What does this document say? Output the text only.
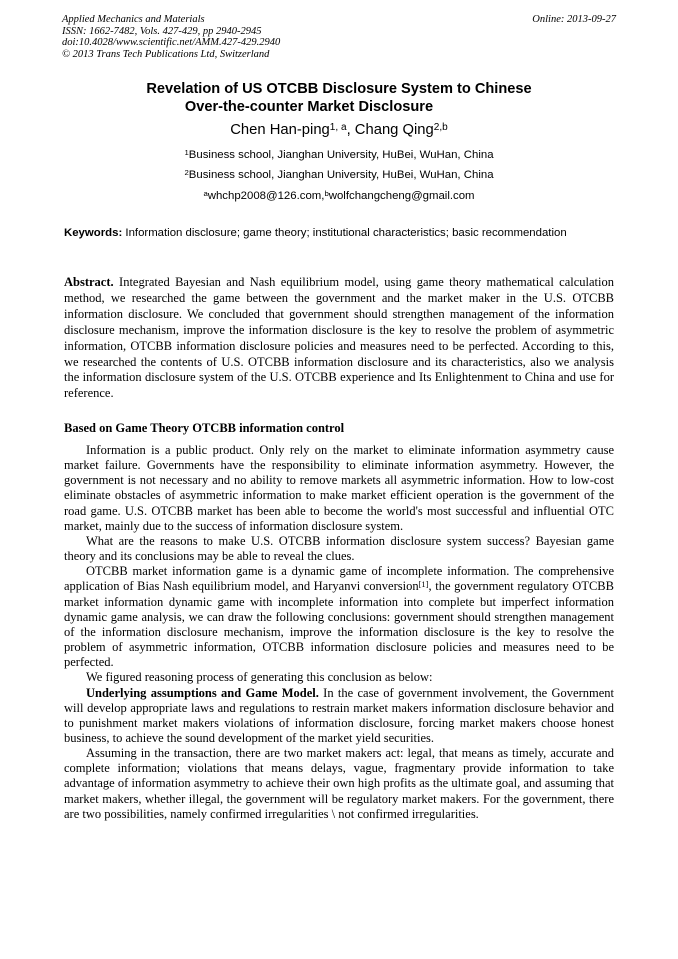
Applied Mechanics and Materials
ISSN: 1662-7482, Vols. 427-429, pp 2940-2945
doi:10.4028/www.scientific.net/AMM.427-429.2940
© 2013 Trans Tech Publications Ltd, Switzerland
Online: 2013-09-27
Revelation of US OTCBB Disclosure System to Chinese
Over-the-counter Market Disclosure
Chen Han-ping$^{1, a}$, Chang Qing$^{2,b}$
$^1$Business school, Jianghan University, HuBei, WuHan, China
$^2$Business school, Jianghan University, HuBei, WuHan, China
$^a$whchp2008@126.com,$^b$wolfchangcheng@gmail.com
Keywords: Information disclosure; game theory; institutional characteristics; basic recommendation
Abstract. Integrated Bayesian and Nash equilibrium model, using game theory mathematical calculation method, we researched the game between the government and the market maker in the U.S. OTCBB information disclosure. We concluded that government should strengthen management of the information disclosure mechanism, improve the information disclosure is the key to resolve the problem of asymmetric information, OTCBB information disclosure policies and measures need to be perfected. According to this, we researched the contents of U.S. OTCBB information disclosure and its characteristics, also we analysis the information disclosure system of the U.S. OTCBB experience and Its Enlightenment to China and use for reference.
Based on Game Theory OTCBB information control

Information is a public product. Only rely on the market to eliminate information asymmetry cause market failure. Governments have the responsibility to eliminate information asymmetry. However, the government is not necessary and no ability to remove markets all asymmetric information. How to low-cost eliminate obstacles of asymmetric information to make market efficient operation is the government of the road game. U.S. OTCBB market has been able to become the world's most successful and influential OTC market, mainly due to the success of information disclosure system.

What are the reasons to make U.S. OTCBB information disclosure system success? Bayesian game theory and its conclusions may be able to reveal the clues.

OTCBB market information game is a dynamic game of incomplete information. The comprehensive application of Bias Nash equilibrium model, and Haryanvi conversion[1], the government regulatory OTCBB market information dynamic game with incomplete information into complete but imperfect information dynamic game analysis, we can draw the following conclusions: government should strengthen management of the information disclosure mechanism, improve the information disclosure is the key to resolve the problem of asymmetric information, OTCBB information disclosure policies and measures need to be perfected.

We figured reasoning process of generating this conclusion as below:

Underlying assumptions and Game Model. In the case of government involvement, the Government will develop appropriate laws and regulations to restrain market makers information disclosure behavior and to punishment market makers violations of information disclosure, forcing market makers choose honest business, to achieve the sound development of the market yield securities.

Assuming in the transaction, there are two market makers act: legal, that means as timely, accurate and complete information; violations that means delays, vague, fragmentary provide information to take advantage of information asymmetry to achieve their own high profits as the ultimate goal, and assuming that market makers, whether illegal, the government will be regulatory market makers. For the government, there are two possibilities, namely confirmed irregularities \ not confirmed irregularities.
